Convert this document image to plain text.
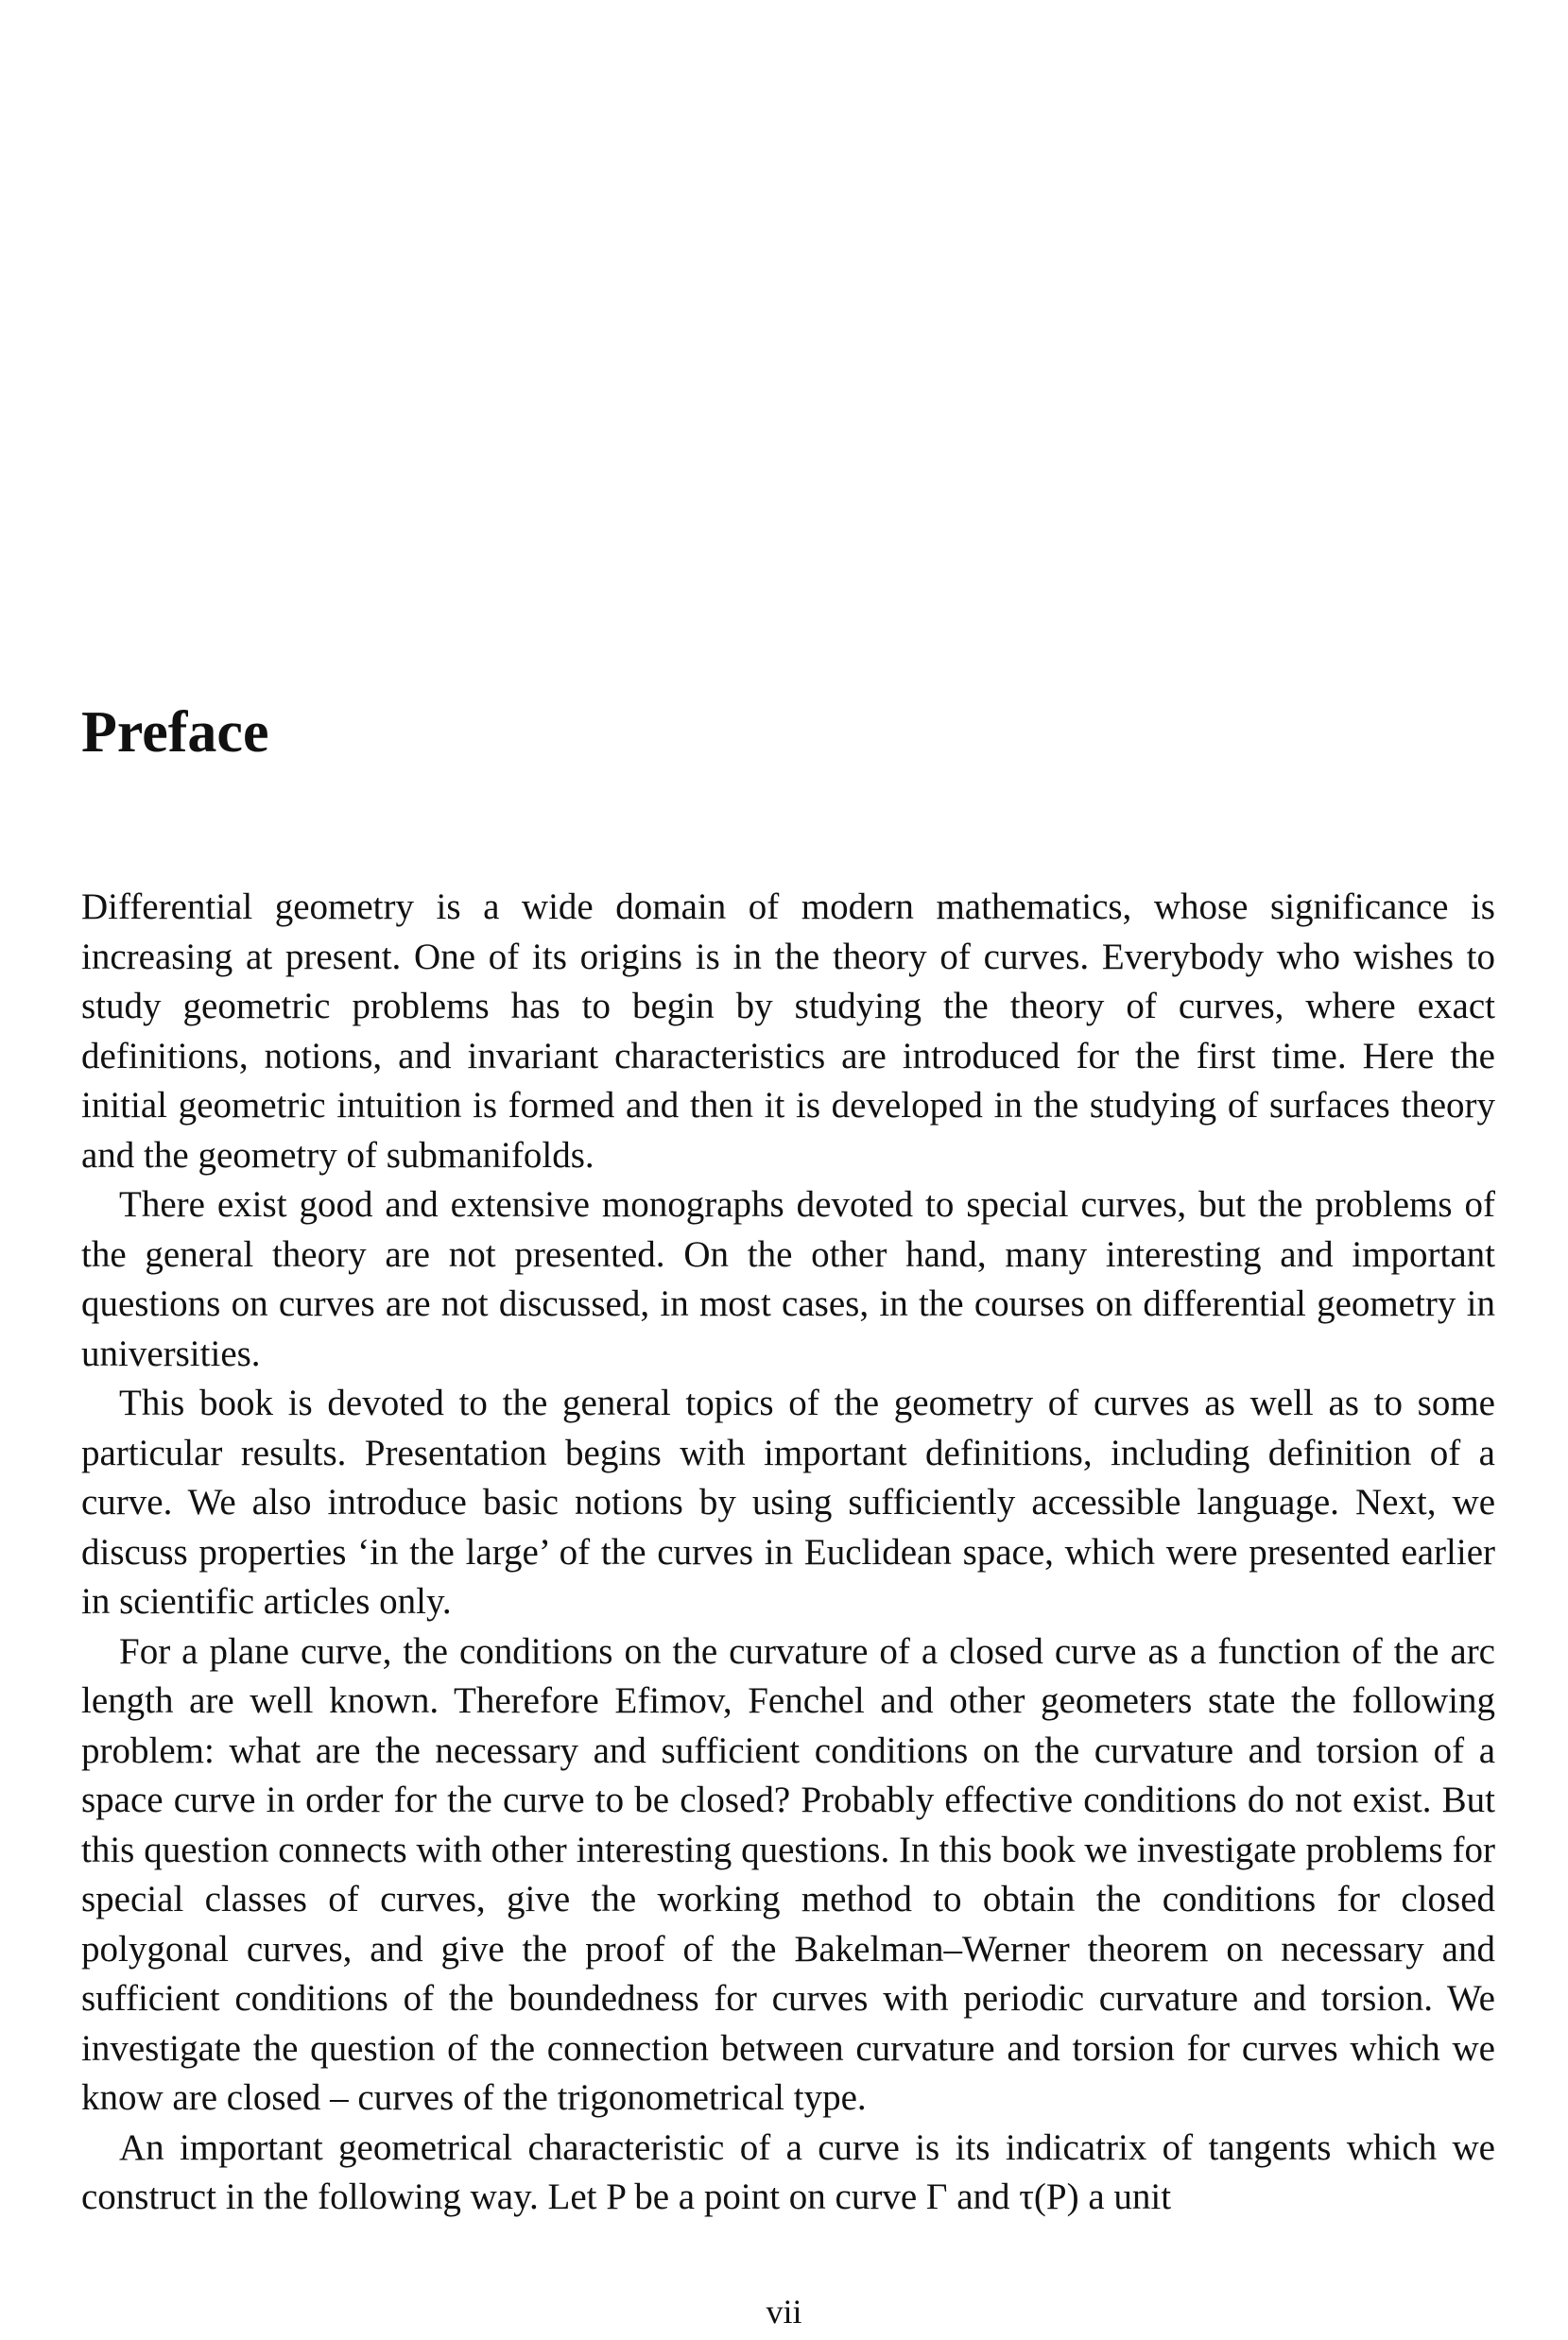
Preface

Differential geometry is a wide domain of modern mathematics, whose significance is increasing at present. One of its origins is in the theory of curves. Everybody who wishes to study geometric problems has to begin by studying the theory of curves, where exact definitions, notions, and invariant characteristics are introduced for the first time. Here the initial geometric intuition is formed and then it is developed in the studying of surfaces theory and the geometry of submanifolds.

There exist good and extensive monographs devoted to special curves, but the problems of the general theory are not presented. On the other hand, many interesting and important questions on curves are not discussed, in most cases, in the courses on differential geometry in universities.

This book is devoted to the general topics of the geometry of curves as well as to some particular results. Presentation begins with important definitions, including definition of a curve. We also introduce basic notions by using sufficiently accessible language. Next, we discuss properties ‘in the large’ of the curves in Euclidean space, which were presented earlier in scientific articles only.

For a plane curve, the conditions on the curvature of a closed curve as a function of the arc length are well known. Therefore Efimov, Fenchel and other geometers state the following problem: what are the necessary and sufficient conditions on the curvature and torsion of a space curve in order for the curve to be closed? Probably effective conditions do not exist. But this question connects with other interesting questions. In this book we investigate problems for special classes of curves, give the working method to obtain the conditions for closed polygonal curves, and give the proof of the Bakelman–Werner theorem on necessary and sufficient conditions of the boundedness for curves with periodic curvature and torsion. We investigate the question of the connection between curvature and torsion for curves which we know are closed – curves of the trigonometrical type.

An important geometrical characteristic of a curve is its indicatrix of tangents which we construct in the following way. Let P be a point on curve Γ and τ(P) a unit

vii
